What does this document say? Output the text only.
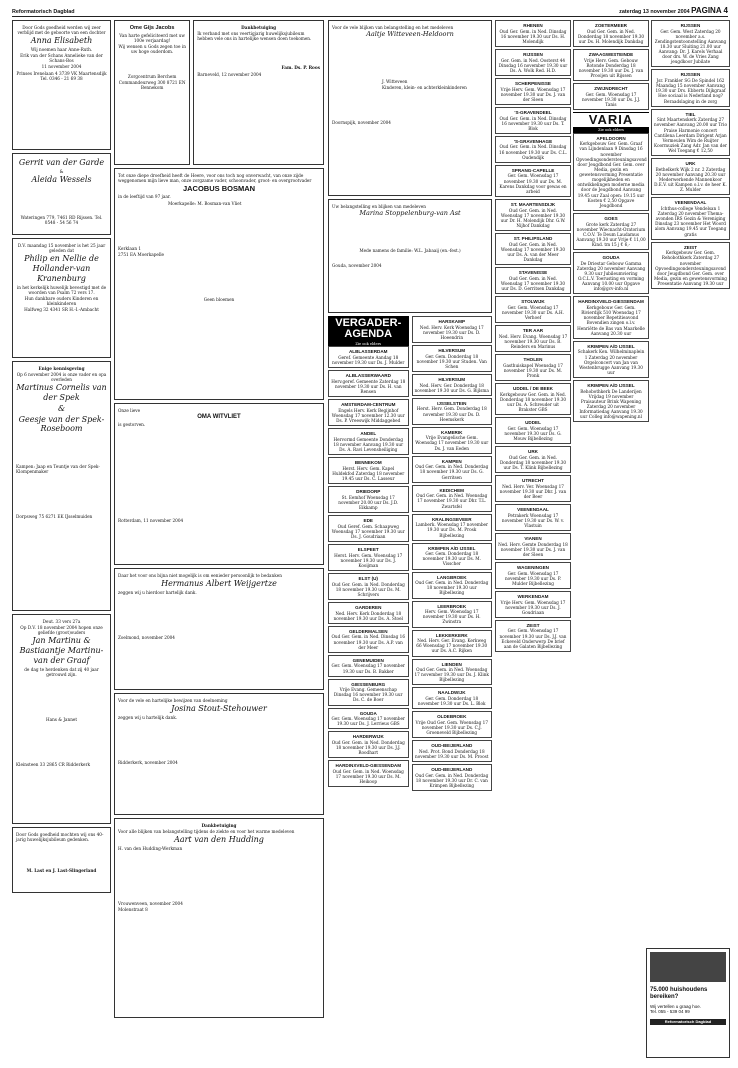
Reformatorisch Dagblad	zaterdag 13 november 2004 PAGINA 4

Door Gods goedheid werden wij zeer verblijd met de geboorte van een dochter

Anna Elisabeth

Wij noemen haar Anne-Ruth.

Erik van der Schans Annelieke van der Schans-Bos

11 november 2004

Prinses Irenelaan 4 3739 VK Maartensdijk Tel. 0346 - 21 69 38

Gerrit van der Garde

&

Aleida Wessels

Wateringen 779, 7461 RD Rijssen. Tel. 0548 - 54 56 74

D.V. maandag 15 november is het 25 jaar geleden dat

Philip en Nellie de Hollander-van Kranenburg

in het kerkelijk huwelijk bevestigd met de woorden van Psalm 72 vers 17.

Hun dankbare ouders Kinderen en kleinkinderen

Halfweg 32 4341 SR H.-I.-Ambacht

Enige kennisgeving

Op 6 november 2004 is onze vader en opa overleden

Martinus Cornelis van der Spek

&

Geesje van der Spek-Roseboom

Kampen: Jaap en Teuntje van der Spek-Klompenmaker

Dorpsweg 75 6271 EK IJsselmuiden

Deut. 33 vers 27a

Op D.V. 18 november 2004 hopen onze geliefde (groot)ouders

Jan Martinu & Bastiaantje Martinu-van der Graaf

de dag te herdenken dat zij 40 jaar getrouwd zijn.

Hans & Jannet

Kleinsteen 33 2865 CR Ridderkerk

Door Gods goedheid mochten wij ons 40-jarig huwelijksjubileum gedenken.

M. Last en J. Last-Slingerland

Ome Gijs Jacobs

Van harte gefeliciteerd met uw 100e verjaardag!

Wij wensen u Gods zegen toe in uw hoge ouderdom.

Zorgcentrum Berchem

Commandeurweg 300 8721 EN Bennekom

Dankbetuiging

Ik verband met ons veertigjarig huwelijksjubileum hebben vele ons in hartelijke wensen doen toekomen.

Fam. Ds. P. Roos

Barneveld, 12 november 2004

Tot onze diepe droefheid heeft de Heere, voor ons toch nog onverwacht, van onze zijde weggenomen mijn lieve man, onze zorgzame vader, schoonvader, groot- en overgrootvader

JACOBUS BOSMAN

in de leeftijd van 97 jaar.

Moerkapelle: M. Bosman-van Vliet

Kerklaan 1

2751 EA Moerkapelle

Geen bloemen

Onze lieve

OMA WITVLIET

is gestorven.

Rotterdam, 11 november 2004

Daar het voor ons bijna niet mogelijk is om eenieder persoonlijk te bedanken

Hermanus Albert Weijgertze

zeggen wij u hierdoor hartelijk dank.

Zoelmond, november 2004

Voor de vele en hartelijke bewijzen van deelneming

Josina Stout-Stehouwer

zeggen wij u hartelijk dank.

Ridderkerk, november 2004

Dankbetuiging

Voor alle blijken van belangstelling tijdens de ziekte en voor het warme medeleven

Aart van den Hudding

H. van den Hudding-Werkman

Vrouwenveen, november 2004

Molenstraat 8

Voor de vele blijken van belangstelling en het medeleven

Aaltje Witteveen-Heldoorn

J. Witteveen

Kinderen, klein- en achterkleinkinderen

Doornspijk, november 2004

Uw belangstelling en blijken van medeleven

Marina Stoppelenburg-van Ast

Mede namens de familie: W.L. Jabaaij (en.-fest.)

Gouda, november 2004

VERGADER-AGENDA
Zie ook elders
ALBLASSERDAM
Geref. Gemeente Aandag 18 november 19.30 uur Ds. J. Mulder
ALBLASSERWAARD
Herv.geref. Gemeente Zaterdag 18 november 19.30 uur Ds. H. van Rensen
AMSTERDAM-CENTRUM
Engels Herv. Kerk Begijnhof Woensdag 17 november 12.30 uur Ds. P. Vreeswijk Middaggebed
ANDEL
Hervormd Gemeente Donderdag 18 november Aanvang 19.30 uur Ds. A. Ravi Levensheiliging
BENNEKOM
Herst. Herv. Gem. Kapel Huldekfod Zaterdag 18 november 19.45 uur Ds. C. Lasseur
DRIEDORP
St. Eemhof Woensdag 17 november 20.00 uur Ds. J.D. Eikkamp
EDE
Oud Geref. Gem. Schaapweg Woensdag 17 november 19.30 uur Ds. J. Goudriaan
ELSPEET
Herst. Herv. Gem. Woensdag 17 november 19.30 uur Ds. J. Kooijman
ELST (U)
Oud Ger. Gem. in Ned. Donderdag 18 november 19.30 uur Ds. M. Schrijvers
GARDEREN
Ned. Herv. Kerk Donderdag 18 november 19.30 uur Ds. A. Stoel
GELDERMALSEN
Oud Ger. Gem. in Ned. Dinsdag 16 november 19.30 uur Ds. A.P. van der Meer
GENEMUIDEN
Ger. Gem. Woensdag 17 november 19.30 uur Ds. B. Bakker
GIESSENBURG
Vrije Evang. Gemeenschap Dinsdag 16 november 19.30 uur Ds. C. de Boer
GOUDA
Ger. Gem. Woensdag 17 november 19.30 uur Ds. J. Lerrieus GBS
HARDERWIJK
Oud Ger. Gem. in Ned. Donderdag 18 november 19.30 uur Ds. J.J. Roodhart
HARDINXVELD-GIESSENDAM
Oud Ger. Gem. in Ned. Woensdag 17 november 19.30 uur Ds. M. Heikoop
HARSKAMP
Ned. Herv. Kerk Woensdag 17 november 19.30 uur Ds. D. Hoeendrin
HILVERSUM
Ger. Gem. Donderdag 18 november 19.30 uur Studen. Van Schen
HILVERSUM
Ned. Herv. Ger. Donderdag 18 november 19.30 uur Ds. G. Bijlsma
IJSSELSTEIN
Herst. Herv. Gem. Donderdag 18 november 19.30 uur Ds. D. Heemskerk
KAMERIK
Vrije Evangelische Gem. Woensdag 17 november 19.30 uur Ds. J. van Eeden
KAMPEN
Oud Ger. Gem. in Ned. Donderdag 18 november 19.30 uur Ds. G. Gerritsen
KEDICHEM
Oud Ger. Gem. in Ned. Woensdag 17 november 19.30 uur Dhr. T.L. Zwartsfel
KRALINGSEVEER
Lamberk. Woensdag 17 november 19.30 uur Ds. M. Prosk Bijbellezing
KRIMPEN A/D IJSSEL
Ger. Gem. Donderdag 18 november 19.30 uur Ds. M. Visscher
LANGBROEK
Oud Ger. Gem. in Ned. Donderdag 18 november 19.30 uur Bijbellezing
LEERBROEK
Herv. Gem. Woensdag 17 november 19.30 uur Ds. H. Zwinstra
LEKKERKERK
Ned. Herv. Ger. Evang. Kerkweg 66 Woensdag 17 november 19.30 uur Ds. A.C. Rijken
LIENDEN
Oud Ger. Gem. in Ned. Woensdag 17 november 19.30 uur Ds. J. Klink Bijbellezing
NAALDWIJK
Ger. Gem. Donderdag 18 november 19.30 uur Ds. L. Blok
OLDEBROEK
Vrije Oud Ger. Gem. Woensdag 17 november 19.30 uur Ds. C.J. Groeneveld Bijbellezing
OUD-BEIJERLAND
Ned. Prot. Bond Donderdag 18 november 19.30 uur Ds. M. Proost
OUD-BEIJERLAND
Oud Ger. Gem. in Ned. Donderdag 18 november 19.30 uur Dr. C. van Krimpen Bijbellezing
RHENEN
Oud Ger. Gem. in Ned. Dinsdag 16 november 19.30 uur Ds. H. Molendijk
RIJSSEN
Ger. Gem. in Ned. Oosterst 44 Dinsdag 16 november 19.30 uur Ds. A. Wolk Red. H.D.
SCHERPENISSE
Vrije Herv. Gem. Woensdag 17 november 19.30 uur Ds. J. van der Sleen
'S-GRAVENDEEL
Oud Ger. Gem. in Ned. Dinsdag 16 november 19.30 uur Ds. T. Blok
'S-GRAVENHAGE
Oud Ger. Gem. in Ned. Dinsdag 16 november 19.30 uur Ds. C.L. Oudendijk
SPRANG-CAPELLE
Ger. Gem. Woensdag 17 november 19.30 uur Ds. M. Karens Dankdag voor gewas en arbeid
ST. MAARTENSDIJK
Oud Ger. Gem. in Ned. Woensdag 17 november 19.30 uur Dr. H. Molendijk Dhr. G.W. Nijhof Dankdag
ST. PHILIPSLAND
Oud Ger. Gem. in Ned. Woensdag 17 november 19.30 uur Ds. A. van der Meer Dankdag
STAVENISSE
Oud Ger. Gem. in Ned. Woensdag 17 november 19.30 uur Ds. D. Gerritsen Dankdag
STOLWIJK
Ger. Gem. Woensdag 17 november 19.30 uur Ds. A.H. Verhoef
TER AAR
Ned. Herv. Evang. Woensdag 17 november 19.30 uur Ds. B. Reinders en Marinus
THOLEN
Gasthuiskapel Woensdag 17 november 19.30 uur Ds. M. Pronk
UDDEL / DE BEEK
Kerkgebouw Ger. Gem. in Ned. Donderdag 18 november 19.30 uur Ds. A. Schreuder uit Brakster GBS
UDDEL
Ger. Gem. Woensdag 17 november 19.30 uur Ds. G. Mouw Bijbellezing
URK
Oud Ger. Gem. in Ned. Donderdag 18 november 19.30 uur Ds. T. Klink Bijbellezing
UTRECHT
Ned. Herv. Ver. Woensdag 17 november 19.30 uur Dhr. J. van der Beer
VEENENDAAL
Petrakerk Woensdag 17 november 19.30 uur Ds. W. v. Vlastuin
VIANEN
Ned. Herv. Gemte Donderdag 18 november 19.30 uur Ds. J. van der Sleen
WAGENINGEN
Ger. Gem. Woensdag 17 november 19.30 uur Ds. P. Mulder Bijbellezing
WERKENDAM
Vrije Herv. Gem. Woensdag 17 november 19.30 uur Ds. J. Goudriaan
ZEIST
Ger. Gem. Woensdag 17 november 19.30 uur Ds. J.J. van Eckeveld Onderwerp De brief aan de Galaten Bijbellezing
ZOETERMEER
Oud Ger. Gem. in Ned. Donderdag 18 november 19.30 uur Ds. H. Molendijk Dankdag
ZWAAGWESTEINDE
Vrije Herv. Gem. Gebouw Rotonde Donderdag 18 november 19.30 uur Ds. J. van Prooijen uit Rijssen
ZWIJNDRECHT
Ger. Gem. Woensdag 17 november 19.30 uur Ds. J.J. Tanis
VARIA
Zie ook elders
APELDOORN
Kerkgebouw Ger. Gem. Graaf van Lijndenlaan 9 Dinsdag 16 november Opvoedingsondersteuningsavond door Jeugdbond Ger. Gem. over Media, gezin en gewetensvorming Presentatie mogelijkheden en ontwikkelingen moderne media door de Jeugdbond Aanvang 19.45 uur Zaal open: 19.15 uur Kosten € 2,50 Opgave Jeugdbond
GOES
Grote kerk Zaterdag 27 november Wiecnacht-Oratorium C.O.V. Te Deum Laudamus Aanvang 19.30 uur Vrije € 11,00 Kind. tm 15 j € 6,-
GOUDA
De Driestar Gebouw Gamma Zaterdag 20 november Aanvang 9.30 uur Jubileumviering O.C.L.V. Toerusting en vorming Aanvang 10.00 uur Opgave info@gcv-info.nl
HARDINXVELD-GIESSENDAM
Kerkgebouw Ger. Gem. Rivierdijk 510 Woensdag 17 november Repetitieavond Bovendien zingen o.l.v. Henriëtte de Bas van Maarkelle Aanvang 20.30 uur
KRIMPEN A/D IJSSEL
Schakerk Ken. Wilhelminaplein 1 Zaterdag 20 november Orgelconcert van Jan van Westenbrugge Aanvang 19.30 uur
KRIMPEN A/D IJSSEL
Rehobothkerk De Landerijen Vrijdag 19 november Praisauteur Brink Wapening Zaterdag 20 november Informatiedag Aanvang 19.30 uur Colleg info@wapening.nl
RIJSSEN
Ger. Gem. West Zaterdag 20 november a.s. Zendingstentoonstelling Aanvang 18.30 uur Sluiting 21.00 uur Aanvang: Dr. J. Karels Verhaal door drs. W. de Vries Zang jeugdkoor Jubilate
RIJSSEN
Jsr. Frankler SG De Spindel 162 Maandag 15 november Aanvang 19.30 uur Drs. Ebberts Dijkgraaf Hoe sociaal is Nederland nog? Beraadslaging in de zorg
TIEL
Sint Maartenskerk Zaterdag 27 november Aanvang 20.00 uur Trio Praise Harmonie concert Cantilena Leerdam Dirigent Arjan Vermeulen Wim de Ruijter Koormuziek Zang Adr. Jan van der Wel Toegang € 12,50
URK
Bethelkerk Wijk 2 nr. 2 Zaterdag 20 november Aanvang 20.30 uur Mederwerkende Mannenkoor D.E.V. uit Kampen o.l.v. de heer K. Z. Mulder
VEENENDAAL
Ichthus-college Vendelsan 1 Zaterdag 20 november Thema-avonden IRS Gezin & Vereniging Dinsdag 23 november Het Woord alom Aanvang 19.45 uur Toegang gratis
ZEIST
Kerkgebouw Ger. Gem. Rehobothkerk Zaterdag 27 november Opvoedingsondersteuningsavond door Jeugdbond Ger. Gem. over Media, gezin en gewetensvorming Presentatie Aanvang 19.30 uur
75.000 huishoudens bereiken?
Wij vertellen u graag hoe.
Tel. 055 - 539 04 99
Reformatorisch Dagblad
